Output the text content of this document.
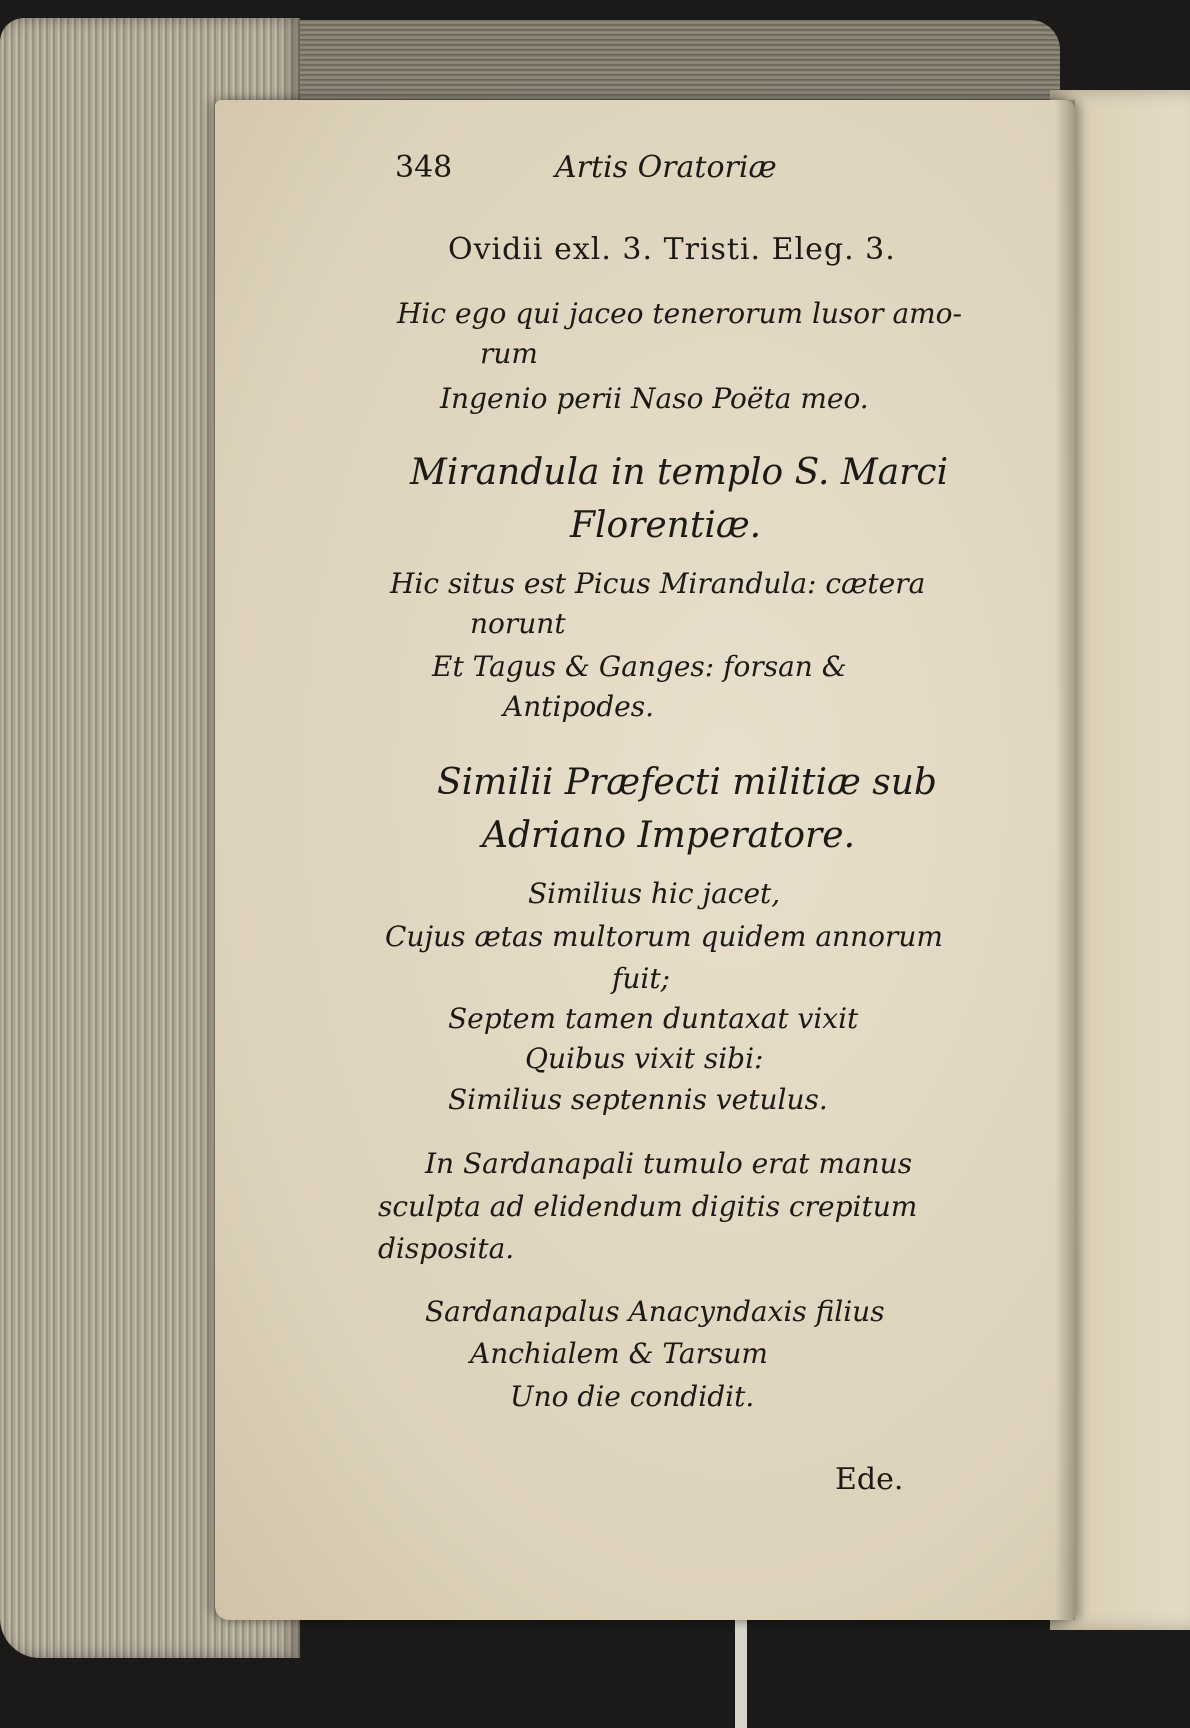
348	Artis Oratoriæ
Ovidii exl. 3. Tristi. Eleg. 3.
Hic ego qui jaceo tenerorum lusor amo-
rum
Ingenio perii Naso Poëta meo.
Mirandula in templo S. Marci
Florentiæ.
Hic situs est Picus Mirandula: cætera
norunt
Et Tagus & Ganges: forsan &
Antipodes.
Similii Præfecti militiæ sub
Adriano Imperatore.
Similius hic jacet,
Cujus ætas multorum quidem annorum
fuit;
Septem tamen duntaxat vixit
Quibus vixit sibi:
Similius septennis vetulus.
In Sardanapali tumulo erat manus
sculpta ad elidendum digitis crepitum
disposita.
Sardanapalus Anacyndaxis filius
Anchialem & Tarsum
Uno die condidit.
Ede.
